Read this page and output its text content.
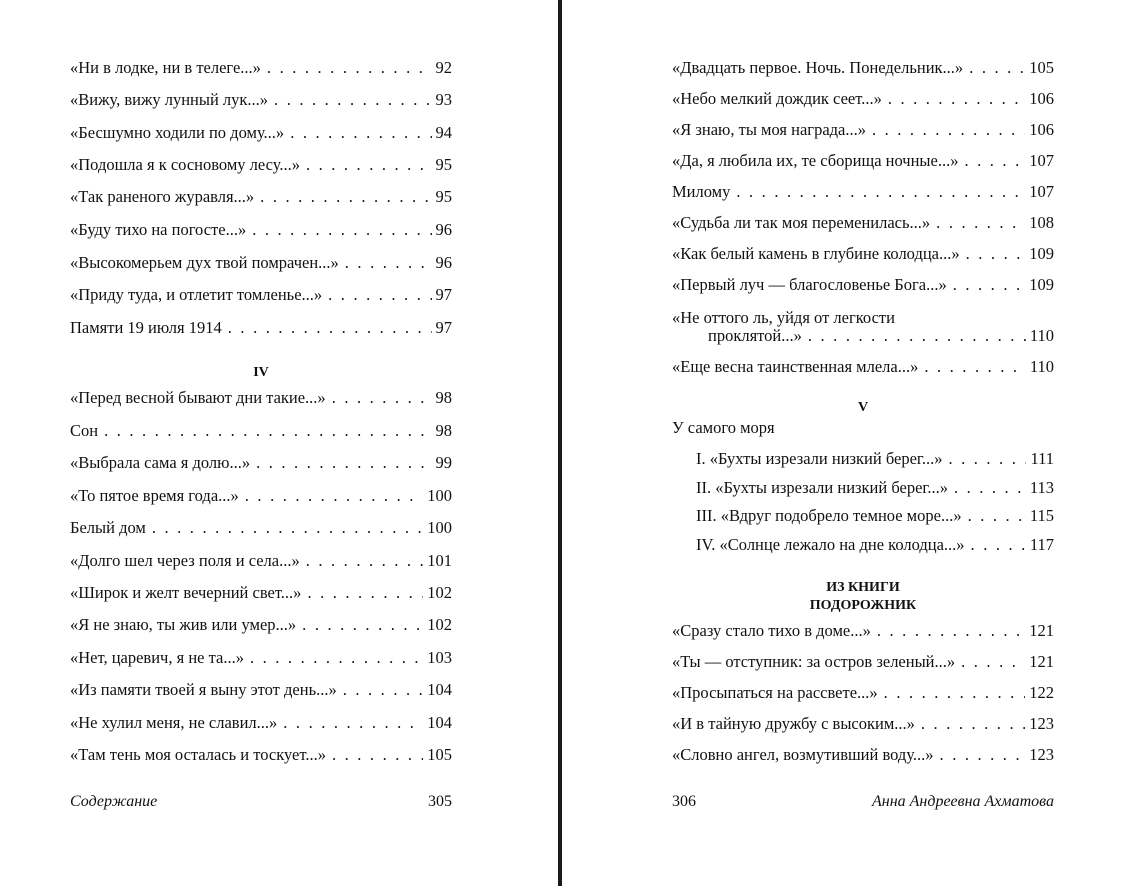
«Ни в лодке, ни в телеге...» . . .	92
«Вижу, вижу лунный лук...» . . .	93
«Бесшумно ходили по дому...» . . .	94
«Подошла я к сосновому лесу...» . . .	95
«Так раненого журавля...» . . .	95
«Буду тихо на погосте...» . . .	96
«Высокомерьем дух твой помрачен...» . . .	96
«Приду туда, и отлетит томленье...» . . .	97
Памяти 19 июля 1914 . . .	97
IV
«Перед весной бывают дни такие...» . . .	98
Сон . . .	98
«Выбрала сама я долю...» . . .	99
«То пятое время года...» . . .	100
Белый дом . . .	100
«Долго шел через поля и села...» . . .	101
«Широк и желт вечерний свет...» . . .	102
«Я не знаю, ты жив или умер...» . . .	102
«Нет, царевич, я не та...» . . .	103
«Из памяти твоей я выну этот день...» . . .	104
«Не хулил меня, не славил...» . . .	104
«Там тень моя осталась и тоскует...» . . .	105
Содержание	305
«Двадцать первое. Ночь. Понедельник...» . . .	105
«Небо мелкий дождик сеет...» . . .	106
«Я знаю, ты моя награда...» . . .	106
«Да, я любила их, те сборища ночные...» . . .	107
Милому . . .	107
«Судьба ли так моя переменилась...» . . .	108
«Как белый камень в глубине колодца...» . . .	109
«Первый луч — благословенье Бога...» . . .	109
«Не оттого ль, уйдя от легкости
проклятой...» . . .	110
«Еще весна таинственная млела...» . . .	110
V
У самого моря
I. «Бухты изрезали низкий берег...» . . .	111
II. «Бухты изрезали низкий берег...» . . .	113
III. «Вдруг подобрело темное море...» . . .	115
IV. «Солнце лежало на дне колодца...» . . .	117
ИЗ КНИГИ
ПОДОРОЖНИК
«Сразу стало тихо в доме...» . . .	121
«Ты — отступник: за остров зеленый...» . . .	121
«Просыпаться на рассвете...» . . .	122
«И в тайную дружбу с высоким...» . . .	123
«Словно ангел, возмутивший воду...» . . .	123
306	Анна Андреевна Ахматова
